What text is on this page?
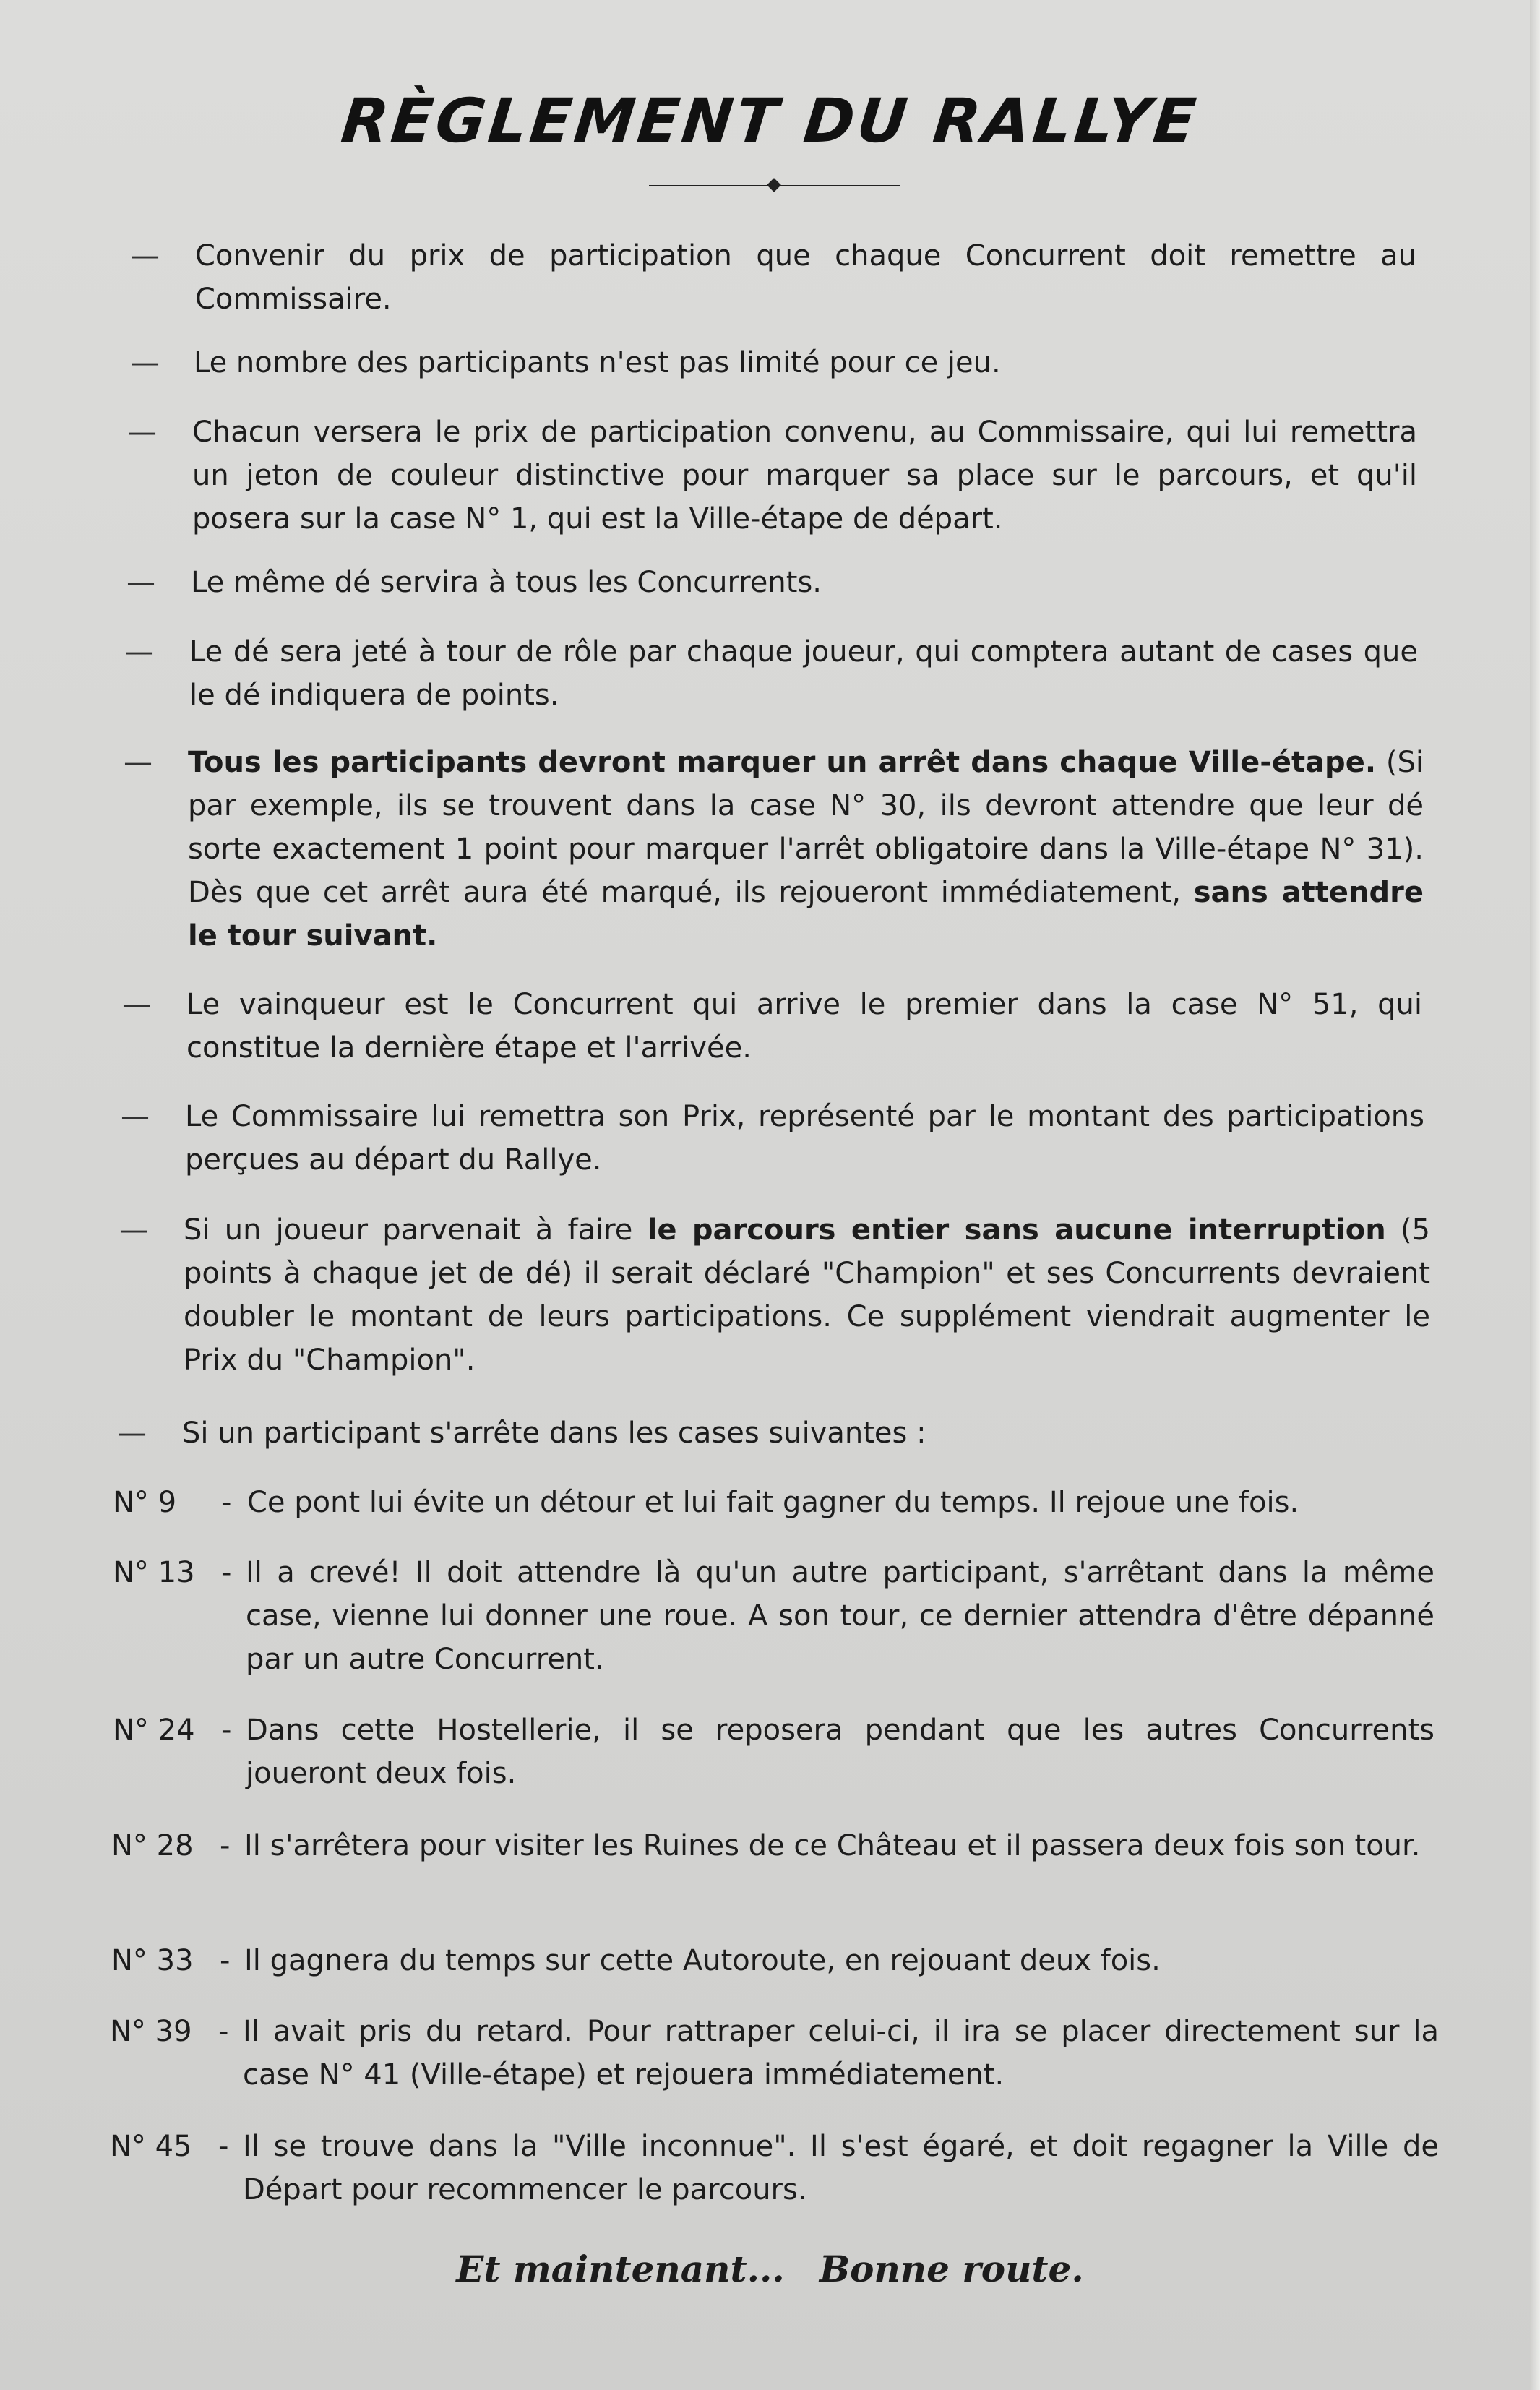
RÈGLEMENT DU RALLYE
— Convenir du prix de participation que chaque Concurrent doit remettre au Commissaire.
— Le nombre des participants n'est pas limité pour ce jeu.
— Chacun versera le prix de participation convenu, au Commissaire, qui lui remettra un jeton de couleur distinctive pour marquer sa place sur le parcours, et qu'il posera sur la case N° 1, qui est la Ville-étape de départ.
— Le même dé servira à tous les Concurrents.
— Le dé sera jeté à tour de rôle par chaque joueur, qui comptera autant de cases que le dé indiquera de points.
— Tous les participants devront marquer un arrêt dans chaque Ville-étape. (Si par exemple, ils se trouvent dans la case N° 30, ils devront attendre que leur dé sorte exactement 1 point pour marquer l'arrêt obligatoire dans la Ville-étape N° 31). Dès que cet arrêt aura été marqué, ils rejoueront immédiatement, sans attendre le tour suivant.
— Le vainqueur est le Concurrent qui arrive le premier dans la case N° 51, qui constitue la dernière étape et l'arrivée.
— Le Commissaire lui remettra son Prix, représenté par le montant des participations perçues au départ du Rallye.
— Si un joueur parvenait à faire le parcours entier sans aucune interruption (5 points à chaque jet de dé) il serait déclaré "Champion" et ses Concurrents devraient doubler le montant de leurs participations. Ce supplément viendrait augmenter le Prix du "Champion".
— Si un participant s'arrête dans les cases suivantes :
N° 9 - Ce pont lui évite un détour et lui fait gagner du temps. Il rejoue une fois.
N° 13 - Il a crevé! Il doit attendre là qu'un autre participant, s'arrêtant dans la même case, vienne lui donner une roue. A son tour, ce dernier attendra d'être dépanné par un autre Concurrent.
N° 24 - Dans cette Hostellerie, il se reposera pendant que les autres Concurrents joueront deux fois.
N° 28 - Il s'arrêtera pour visiter les Ruines de ce Château et il passera deux fois son tour.
N° 33 - Il gagnera du temps sur cette Autoroute, en rejouant deux fois.
N° 39 - Il avait pris du retard. Pour rattraper celui-ci, il ira se placer directement sur la case N° 41 (Ville-étape) et rejouera immédiatement.
N° 45 - Il se trouve dans la "Ville inconnue". Il s'est égaré, et doit regagner la Ville de Départ pour recommencer le parcours.
Et maintenant... Bonne route.
